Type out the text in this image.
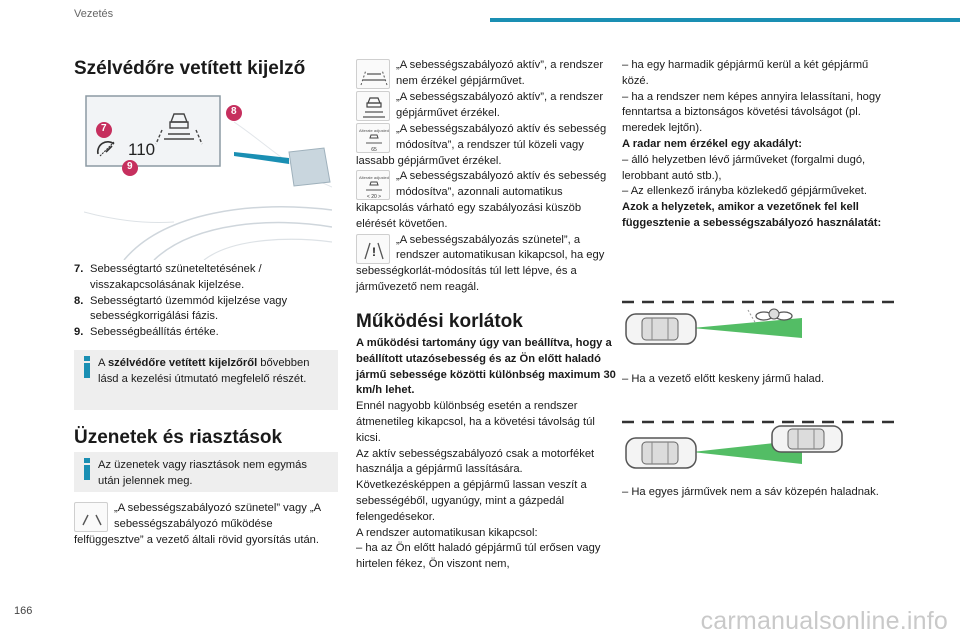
Vezetés
Szélvédőre vetített kijelző
110
8
7
9
7. Sebességtartó szüneteltetésének / visszakapcsolásának kijelzése.
8. Sebességtartó üzemmód kijelzése vagy sebességkorrigálási fázis.
9. Sebességbeállítás értéke.
A szélvédőre vetített kijelzőről bővebben lásd a kezelési útmutató megfelelő részét.
Üzenetek és riasztások
Az üzenetek vagy riasztások nem egymás után jelennek meg.
„A sebességszabályozó szünetel” vagy „A sebességszabályozó működése felfüggesztve” a vezető általi rövid gyorsítás után.
„A sebességszabályozó aktív”, a rendszer nem érzékel gépjárművet.
„A sebességszabályozó aktív”, a rendszer gépjárművet érzékel.
Alterate adjusted
65
„A sebességszabályozó aktív és sebesség módosítva”, a rendszer túl közeli vagy lassabb gépjárművet érzékel.
Alterate adjusted
< 20 >
„A sebességszabályozó aktív és sebesség módosítva”, azonnali automatikus kikapcsolás várható egy szabályozási küszöb elérését követően.
!
„A sebességszabályozás szünetel”, a rendszer automatikusan kikapcsol, ha egy sebességkorlát-módosítás túl lett lépve, és a járművezető nem reagál.
Működési korlátok
A működési tartomány úgy van beállítva, hogy a beállított utazósebesség és az Ön előtt haladó jármű sebessége közötti különbség maximum 30 km/h lehet.
Ennél nagyobb különbség esetén a rendszer átmenetileg kikapcsol, ha a követési távolság túl kicsi.
Az aktív sebességszabályozó csak a motorféket használja a gépjármű lassítására. Következésképpen a gépjármű lassan veszít a sebességéből, ugyanúgy, mint a gázpedál felengedésekor.
A rendszer automatikusan kikapcsol:
– ha az Ön előtt haladó gépjármű túl erősen vagy hirtelen fékez, Ön viszont nem,
– ha egy harmadik gépjármű kerül a két gépjármű közé.
– ha a rendszer nem képes annyira lelassítani, hogy fenntartsa a biztonságos követési távolságot (pl. meredek lejtőn).
A radar nem érzékel egy akadályt:
– álló helyzetben lévő járműveket (forgalmi dugó, lerobbant autó stb.),
– Az ellenkező irányba közlekedő gépjárműveket.
Azok a helyzetek, amikor a vezetőnek fel kell függesztenie a sebességszabályozó használatát:
– Ha a vezető előtt keskeny jármű halad.
– Ha egyes járművek nem a sáv közepén haladnak.
166	carmanualsonline.info
